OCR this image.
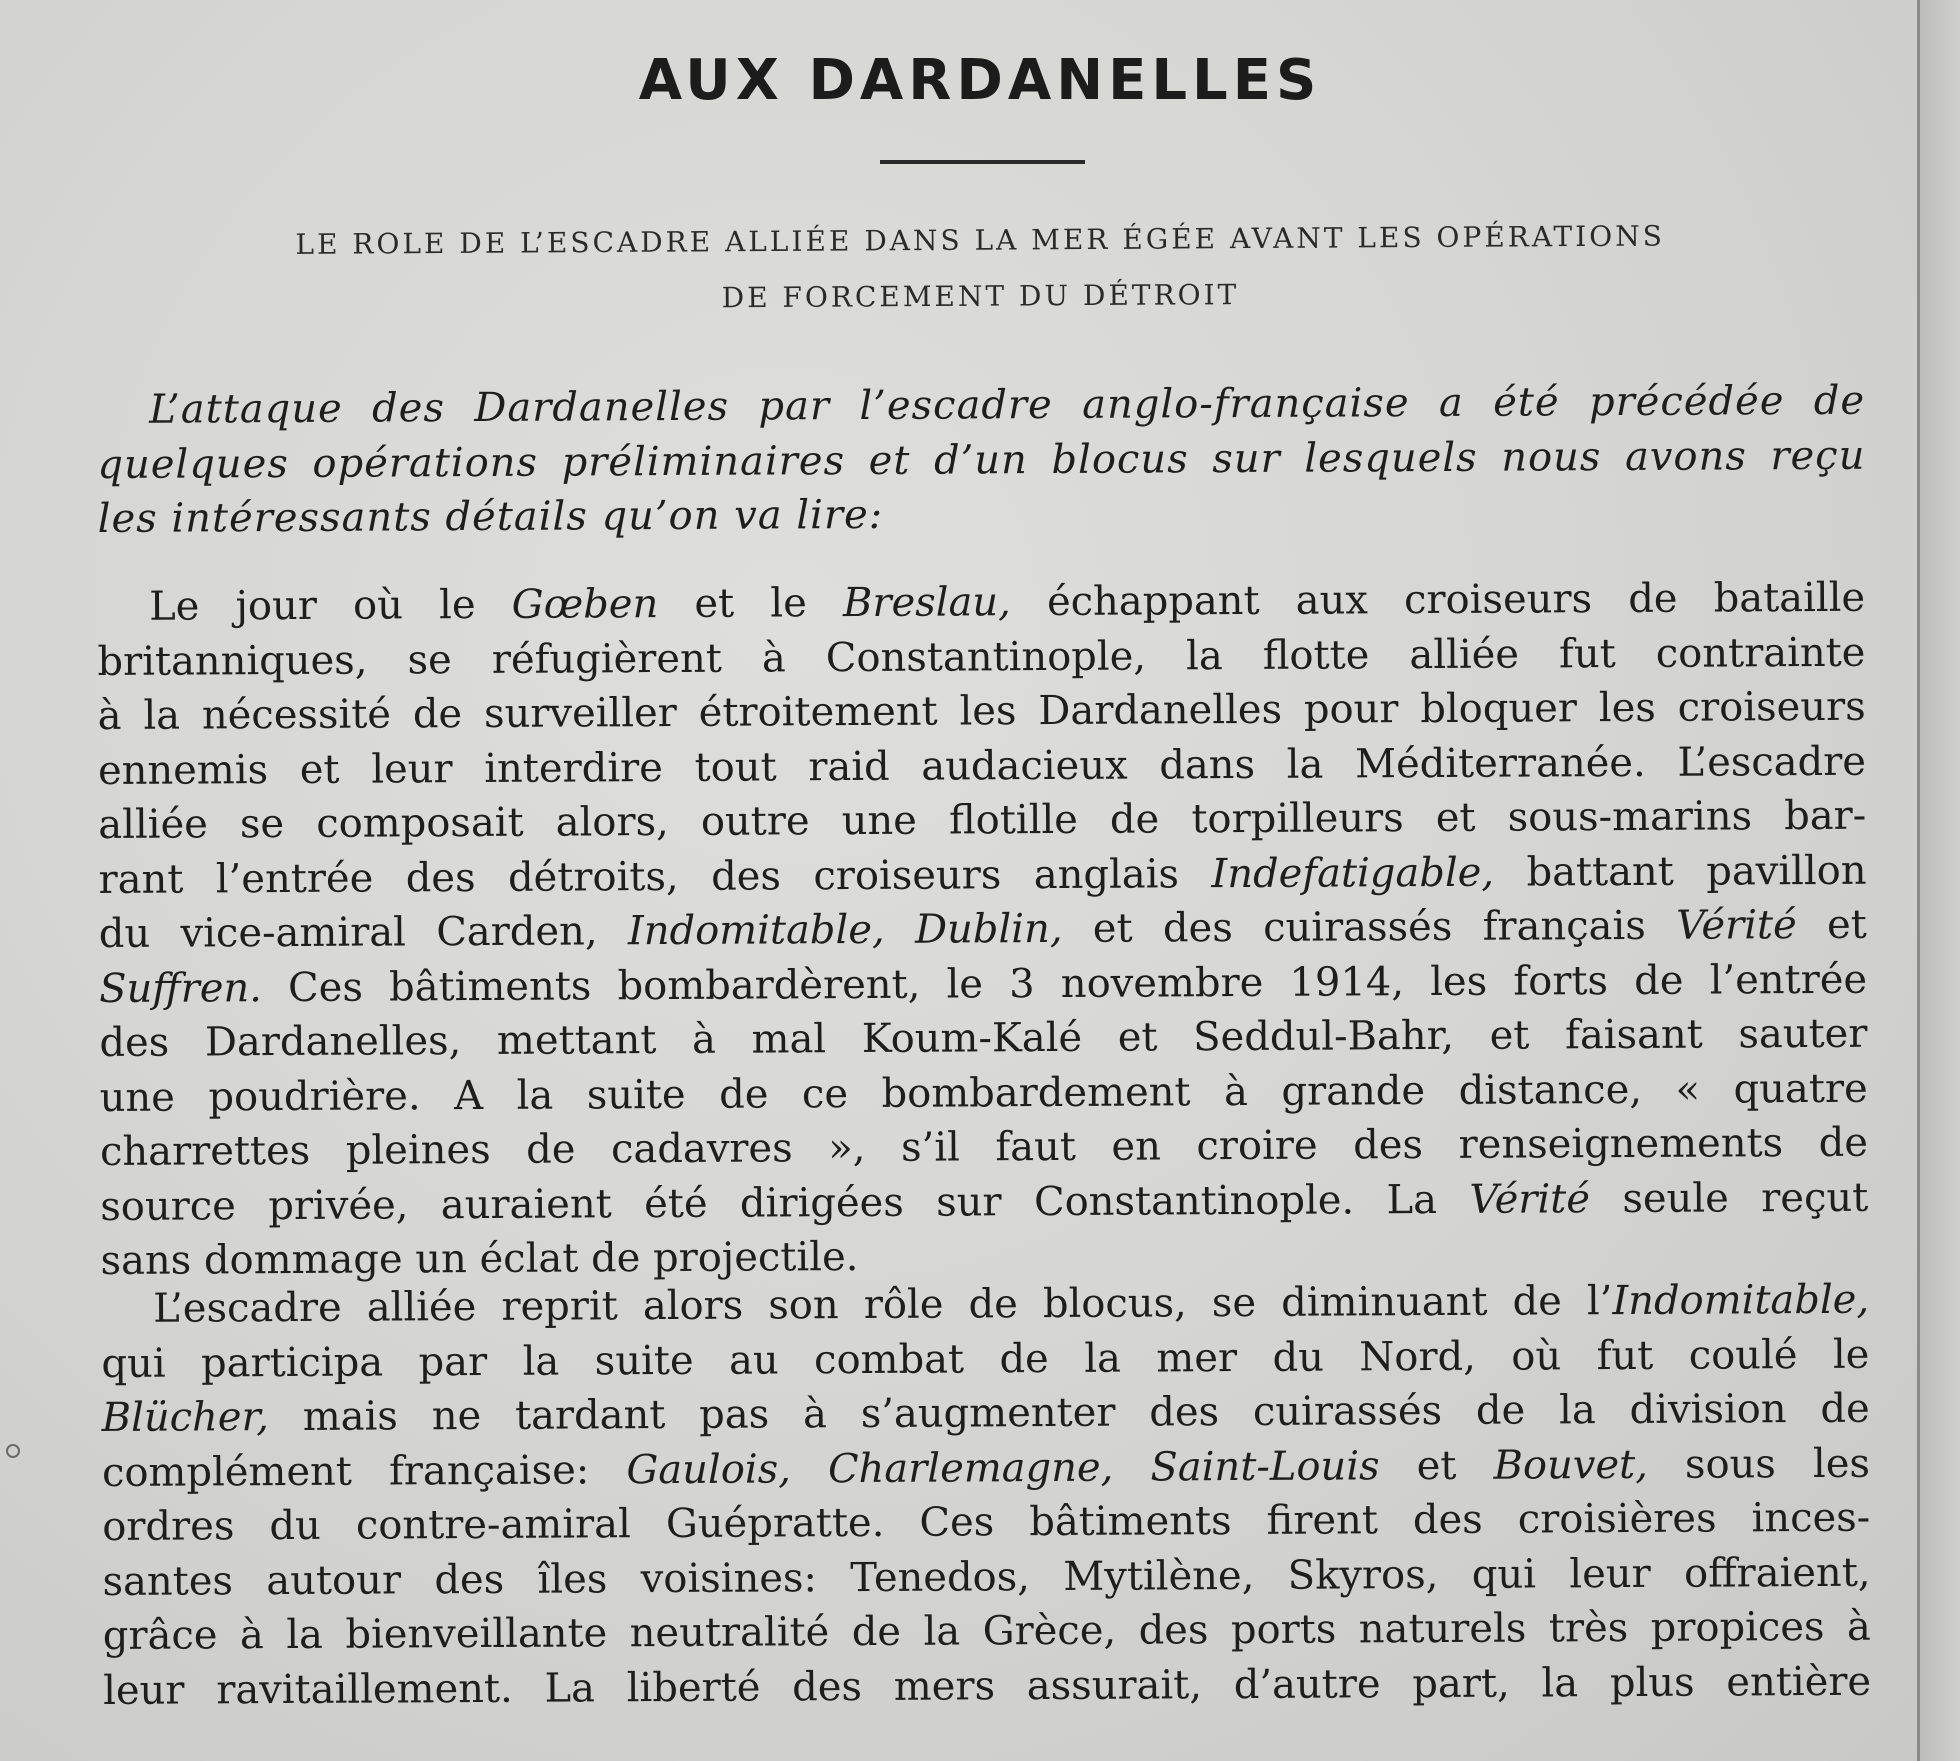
AUX DARDANELLES
LE ROLE DE L’ESCADRE ALLIÉE DANS LA MER ÉGÉE AVANT LES OPÉRATIONS
DE FORCEMENT DU DÉTROIT
L’attaque des Dardanelles par l’escadre anglo-française a été précédée de
quelques opérations préliminaires et d’un blocus sur lesquels nous avons reçu
les intéressants détails qu’on va lire:
Le jour où le Gœben et le Breslau, échappant aux croiseurs de bataille
britanniques, se réfugièrent à Constantinople, la flotte alliée fut contrainte
à la nécessité de surveiller étroitement les Dardanelles pour bloquer les croiseurs
ennemis et leur interdire tout raid audacieux dans la Méditerranée. L’escadre
alliée se composait alors, outre une flotille de torpilleurs et sous-marins bar-
rant l’entrée des détroits, des croiseurs anglais Indefatigable, battant pavillon
du vice-amiral Carden, Indomitable, Dublin, et des cuirassés français Vérité et
Suffren. Ces bâtiments bombardèrent, le 3 novembre 1914, les forts de l’entrée
des Dardanelles, mettant à mal Koum-Kalé et Seddul-Bahr, et faisant sauter
une poudrière. A la suite de ce bombardement à grande distance, « quatre
charrettes pleines de cadavres », s’il faut en croire des renseignements de
source privée, auraient été dirigées sur Constantinople. La Vérité seule reçut
sans dommage un éclat de projectile.
L’escadre alliée reprit alors son rôle de blocus, se diminuant de l’Indomitable,
qui participa par la suite au combat de la mer du Nord, où fut coulé le
Blücher, mais ne tardant pas à s’augmenter des cuirassés de la division de
complément française: Gaulois, Charlemagne, Saint-Louis et Bouvet, sous les
ordres du contre-amiral Guépratte. Ces bâtiments firent des croisières inces-
santes autour des îles voisines: Tenedos, Mytilène, Skyros, qui leur offraient,
grâce à la bienveillante neutralité de la Grèce, des ports naturels très propices à
leur ravitaillement. La liberté des mers assurait, d’autre part, la plus entière
